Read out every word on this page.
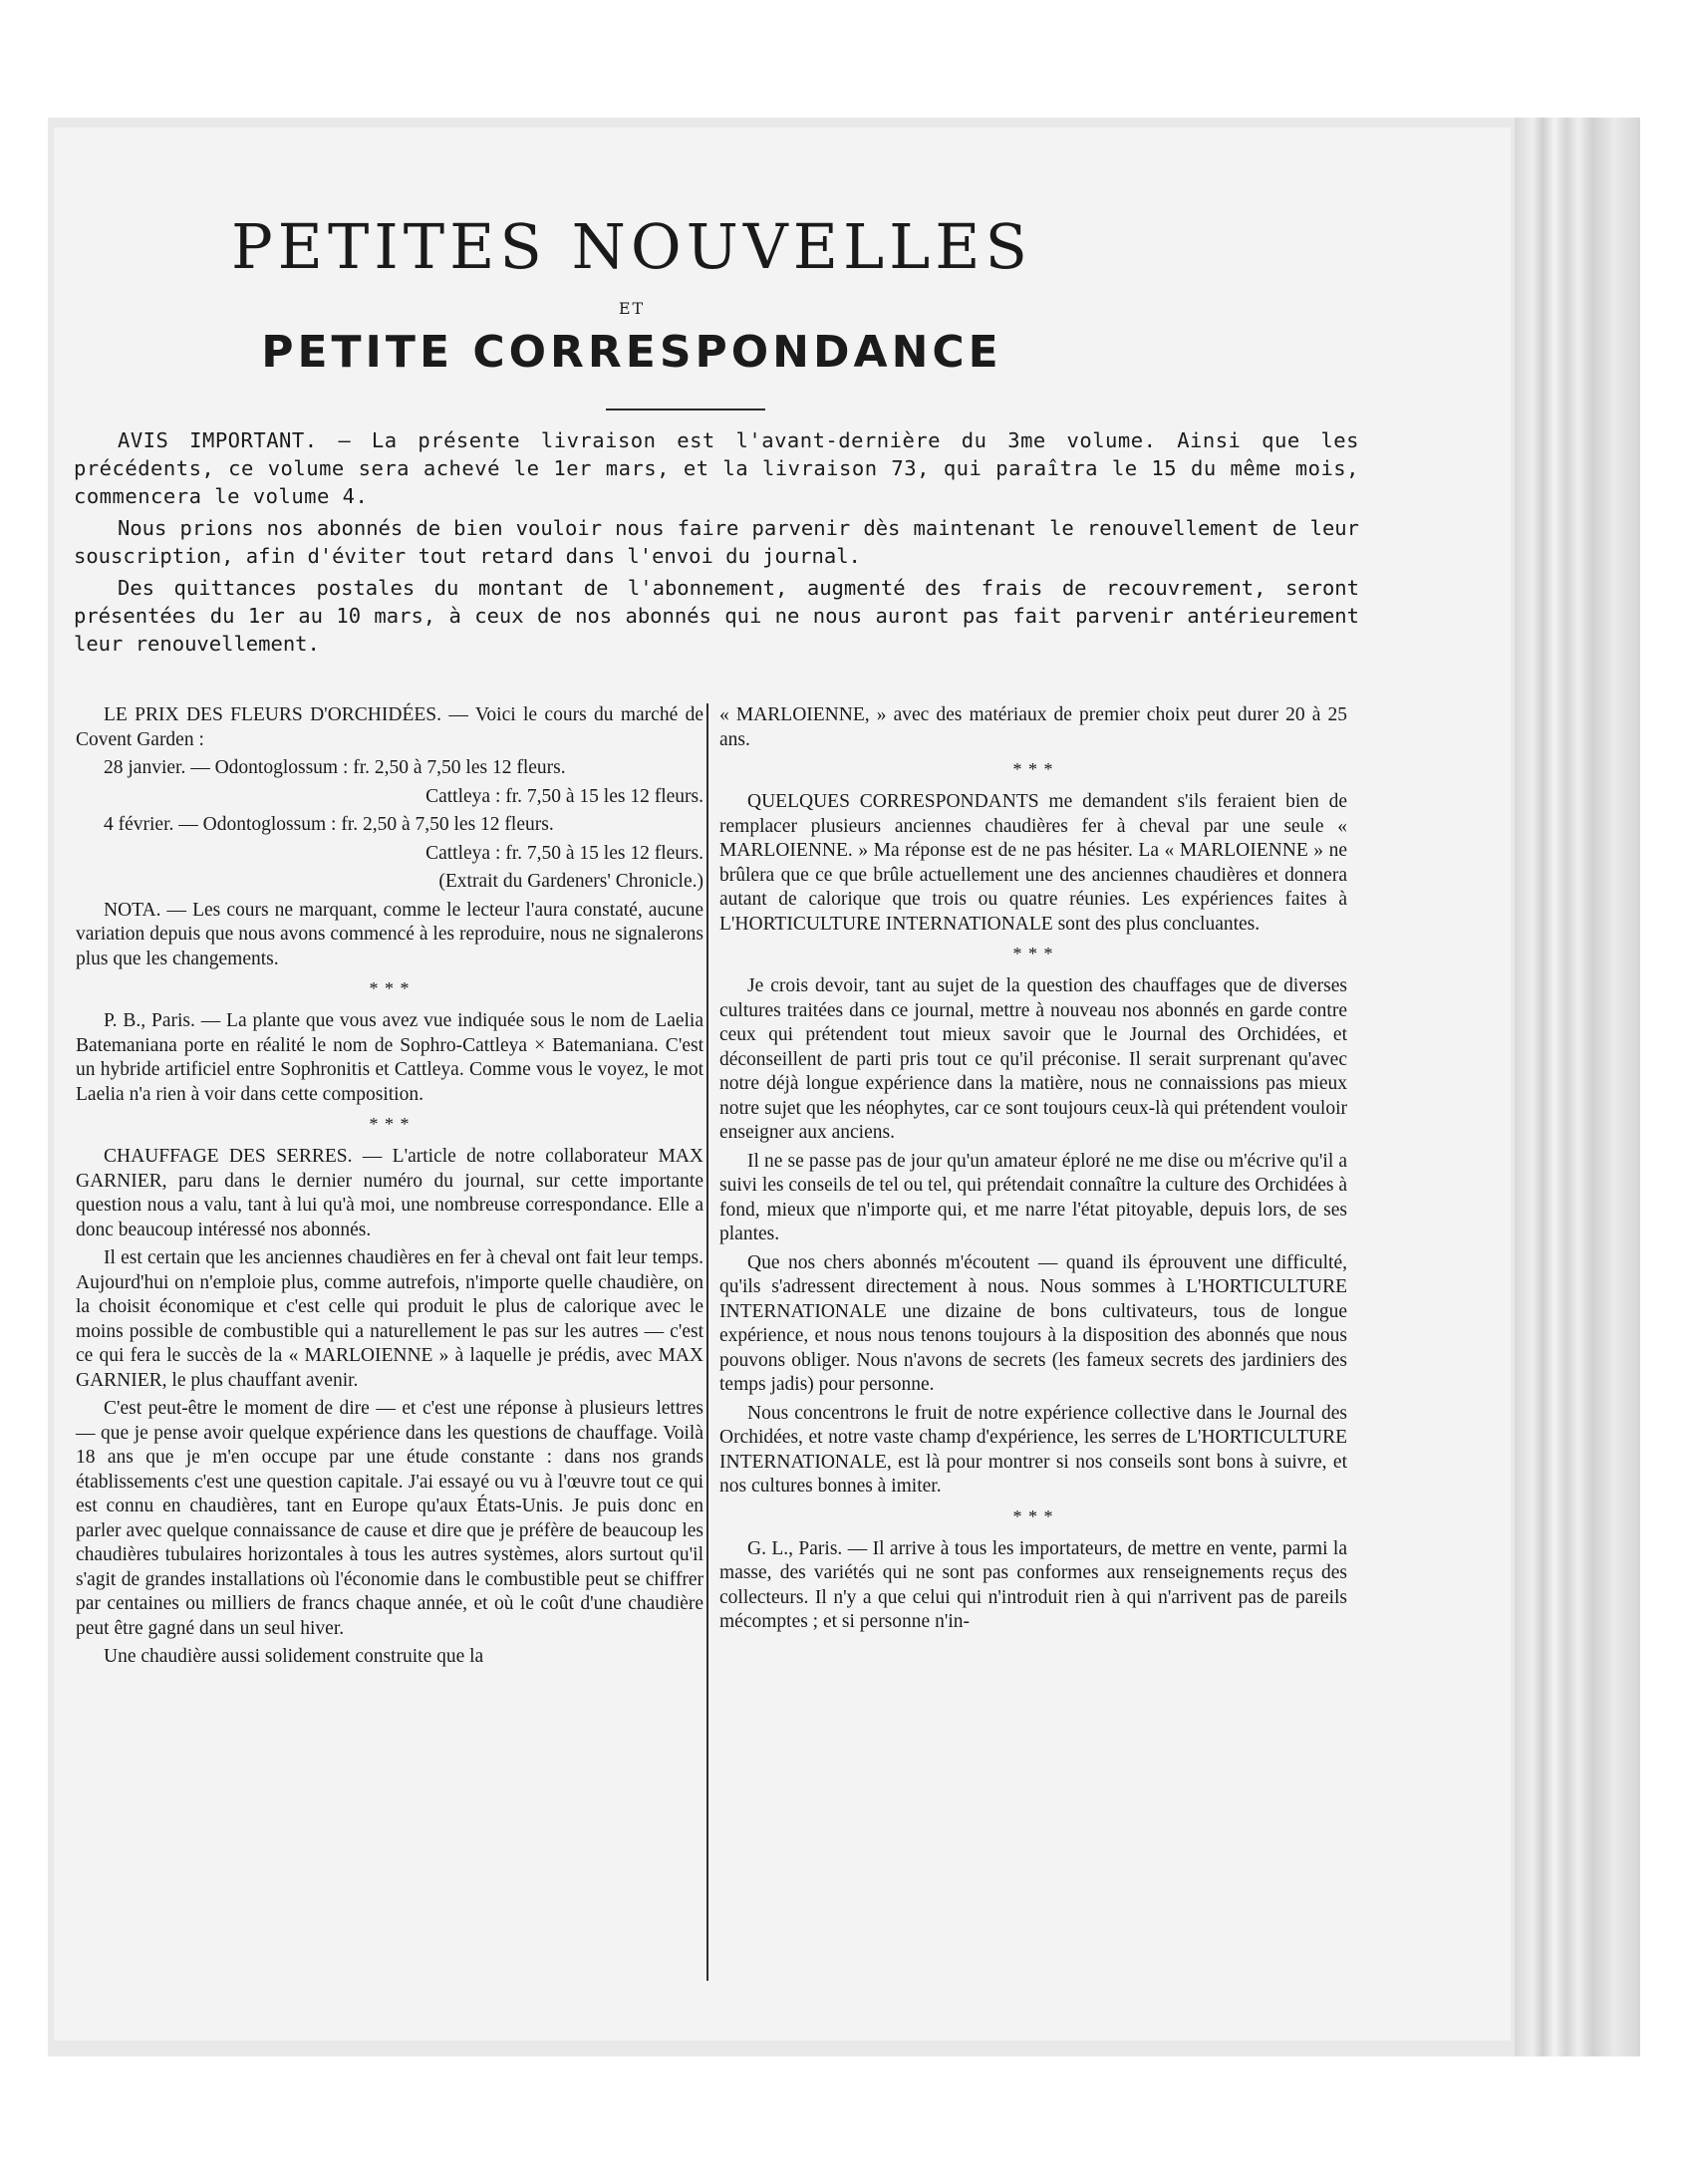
PETITES NOUVELLES
ET
PETITE CORRESPONDANCE

AVIS IMPORTANT. — La présente livraison est l'avant-dernière du 3me volume. Ainsi que les précédents, ce volume sera achevé le 1er mars, et la livraison 73, qui paraîtra le 15 du même mois, commencera le volume 4.

Nous prions nos abonnés de bien vouloir nous faire parvenir dès maintenant le renouvellement de leur souscription, afin d'éviter tout retard dans l'envoi du journal.

Des quittances postales du montant de l'abonnement, augmenté des frais de recouvrement, seront présentées du 1er au 10 mars, à ceux de nos abonnés qui ne nous auront pas fait parvenir antérieurement leur renouvellement.

LE PRIX DES FLEURS D'ORCHIDÉES. — Voici le cours du marché de Covent Garden :

28 janvier. — Odontoglossum : fr. 2,50 à 7,50 les 12 fleurs.

Cattleya : fr. 7,50 à 15 les 12 fleurs.

4 février. — Odontoglossum : fr. 2,50 à 7,50 les 12 fleurs.

Cattleya : fr. 7,50 à 15 les 12 fleurs.

(Extrait du Gardeners' Chronicle.)

NOTA. — Les cours ne marquant, comme le lecteur l'aura constaté, aucune variation depuis que nous avons commencé à les reproduire, nous ne signalerons plus que les changements.

* * *

P. B., Paris. — La plante que vous avez vue indiquée sous le nom de Laelia Batemaniana porte en réalité le nom de Sophro-Cattleya × Batemaniana. C'est un hybride artificiel entre Sophronitis et Cattleya. Comme vous le voyez, le mot Laelia n'a rien à voir dans cette composition.

* * *

CHAUFFAGE DES SERRES. — L'article de notre collaborateur MAX GARNIER, paru dans le dernier numéro du journal, sur cette importante question nous a valu, tant à lui qu'à moi, une nombreuse correspondance. Elle a donc beaucoup intéressé nos abonnés.

Il est certain que les anciennes chaudières en fer à cheval ont fait leur temps. Aujourd'hui on n'emploie plus, comme autrefois, n'importe quelle chaudière, on la choisit économique et c'est celle qui produit le plus de calorique avec le moins possible de combustible qui a naturellement le pas sur les autres — c'est ce qui fera le succès de la « MARLOIENNE » à laquelle je prédis, avec MAX GARNIER, le plus chauffant avenir.

C'est peut-être le moment de dire — et c'est une réponse à plusieurs lettres — que je pense avoir quelque expérience dans les questions de chauffage. Voilà 18 ans que je m'en occupe par une étude constante : dans nos grands établissements c'est une question capitale. J'ai essayé ou vu à l'œuvre tout ce qui est connu en chaudières, tant en Europe qu'aux États-Unis. Je puis donc en parler avec quelque connaissance de cause et dire que je préfère de beaucoup les chaudières tubulaires horizontales à tous les autres systèmes, alors surtout qu'il s'agit de grandes installations où l'économie dans le combustible peut se chiffrer par centaines ou milliers de francs chaque année, et où le coût d'une chaudière peut être gagné dans un seul hiver.

Une chaudière aussi solidement construite que la

« MARLOIENNE, » avec des matériaux de premier choix peut durer 20 à 25 ans.

* * *

QUELQUES CORRESPONDANTS me demandent s'ils feraient bien de remplacer plusieurs anciennes chaudières fer à cheval par une seule « MARLOIENNE. » Ma réponse est de ne pas hésiter. La « MARLOIENNE » ne brûlera que ce que brûle actuellement une des anciennes chaudières et donnera autant de calorique que trois ou quatre réunies. Les expériences faites à L'HORTICULTURE INTERNATIONALE sont des plus concluantes.

* * *

Je crois devoir, tant au sujet de la question des chauffages que de diverses cultures traitées dans ce journal, mettre à nouveau nos abonnés en garde contre ceux qui prétendent tout mieux savoir que le Journal des Orchidées, et déconseillent de parti pris tout ce qu'il préconise. Il serait surprenant qu'avec notre déjà longue expérience dans la matière, nous ne connaissions pas mieux notre sujet que les néophytes, car ce sont toujours ceux-là qui prétendent vouloir enseigner aux anciens.

Il ne se passe pas de jour qu'un amateur éploré ne me dise ou m'écrive qu'il a suivi les conseils de tel ou tel, qui prétendait connaître la culture des Orchidées à fond, mieux que n'importe qui, et me narre l'état pitoyable, depuis lors, de ses plantes.

Que nos chers abonnés m'écoutent — quand ils éprouvent une difficulté, qu'ils s'adressent directement à nous. Nous sommes à L'HORTICULTURE INTERNATIONALE une dizaine de bons cultivateurs, tous de longue expérience, et nous nous tenons toujours à la disposition des abonnés que nous pouvons obliger. Nous n'avons de secrets (les fameux secrets des jardiniers des temps jadis) pour personne.

Nous concentrons le fruit de notre expérience collective dans le Journal des Orchidées, et notre vaste champ d'expérience, les serres de L'HORTICULTURE INTERNATIONALE, est là pour montrer si nos conseils sont bons à suivre, et nos cultures bonnes à imiter.

* * *

G. L., Paris. — Il arrive à tous les importateurs, de mettre en vente, parmi la masse, des variétés qui ne sont pas conformes aux renseignements reçus des collecteurs. Il n'y a que celui qui n'introduit rien à qui n'arrivent pas de pareils mécomptes ; et si personne n'in-
